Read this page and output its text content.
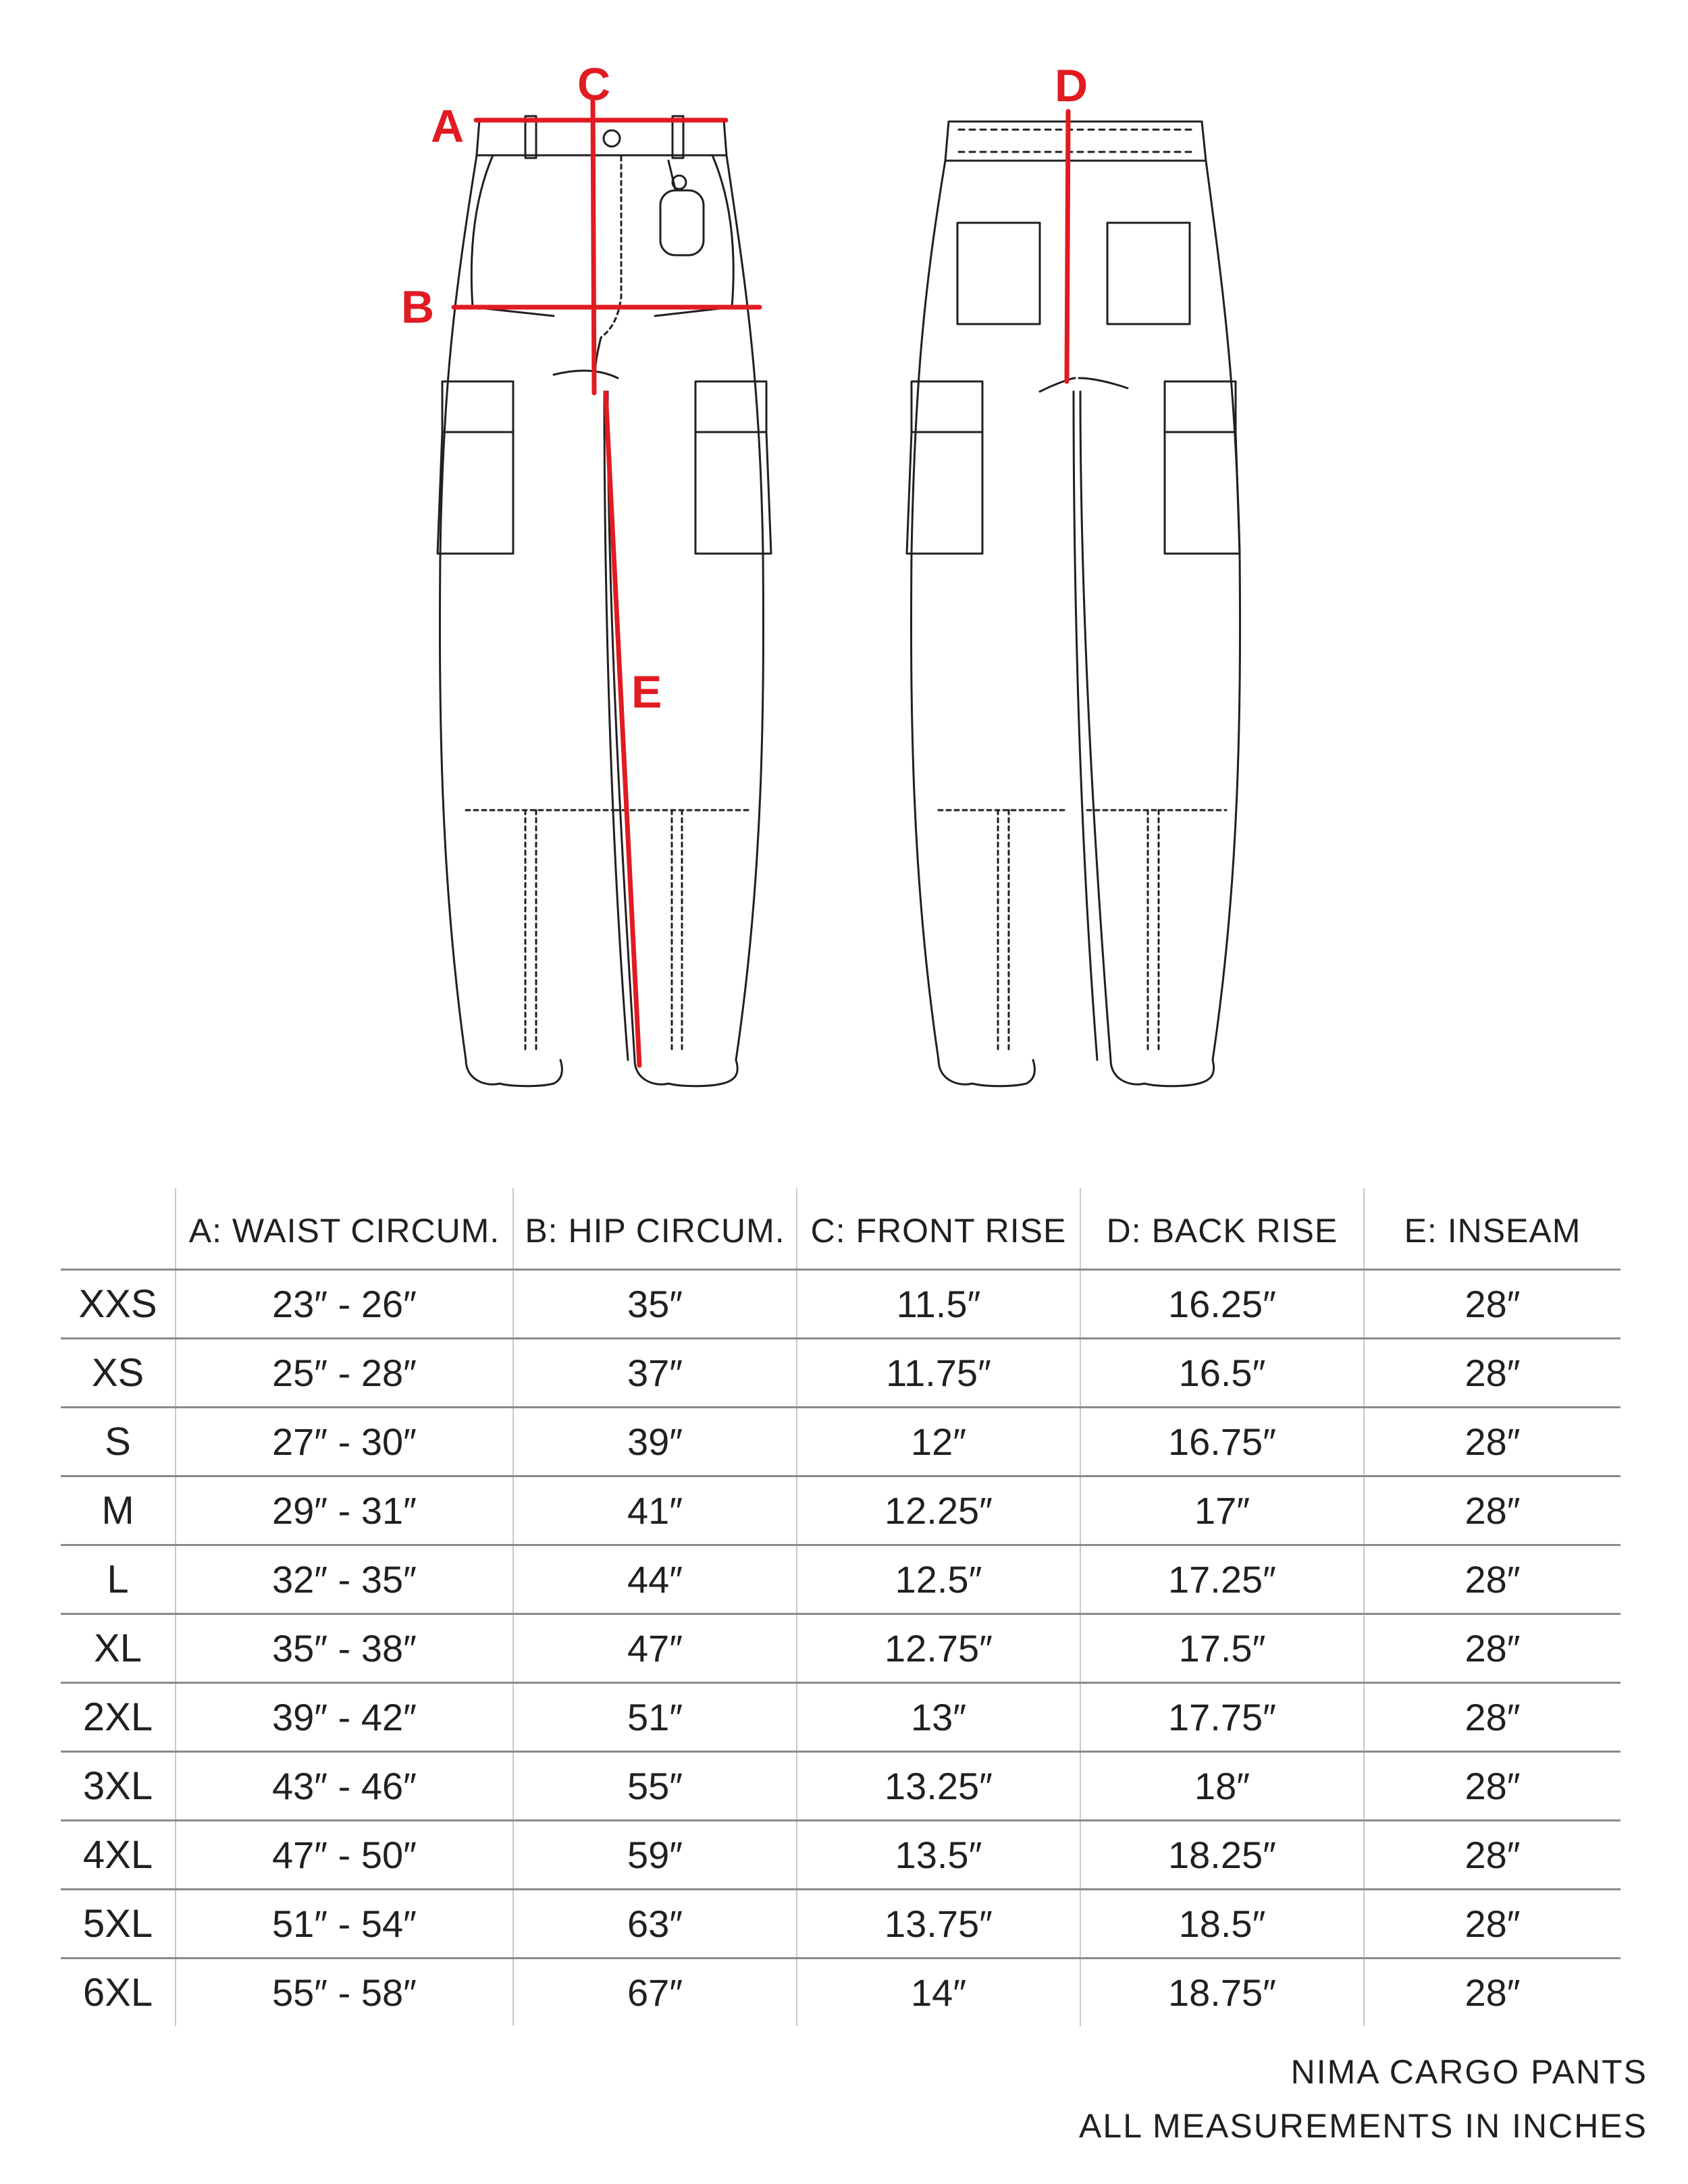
A
B
C
E
D
	A: WAIST CIRCUM.	B: HIP CIRCUM.	C: FRONT RISE	D: BACK RISE	E: INSEAM
XXS	23″ - 26″	35″	11.5″	16.25″	28″
XS	25″ - 28″	37″	11.75″	16.5″	28″
S	27″ - 30″	39″	12″	16.75″	28″
M	29″ - 31″	41″	12.25″	17″	28″
L	32″ - 35″	44″	12.5″	17.25″	28″
XL	35″ - 38″	47″	12.75″	17.5″	28″
2XL	39″ - 42″	51″	13″	17.75″	28″
3XL	43″ - 46″	55″	13.25″	18″	28″
4XL	47″ - 50″	59″	13.5″	18.25″	28″
5XL	51″ - 54″	63″	13.75″	18.5″	28″
6XL	55″ - 58″	67″	14″	18.75″	28″
NIMA CARGO PANTS
ALL MEASUREMENTS IN INCHES
